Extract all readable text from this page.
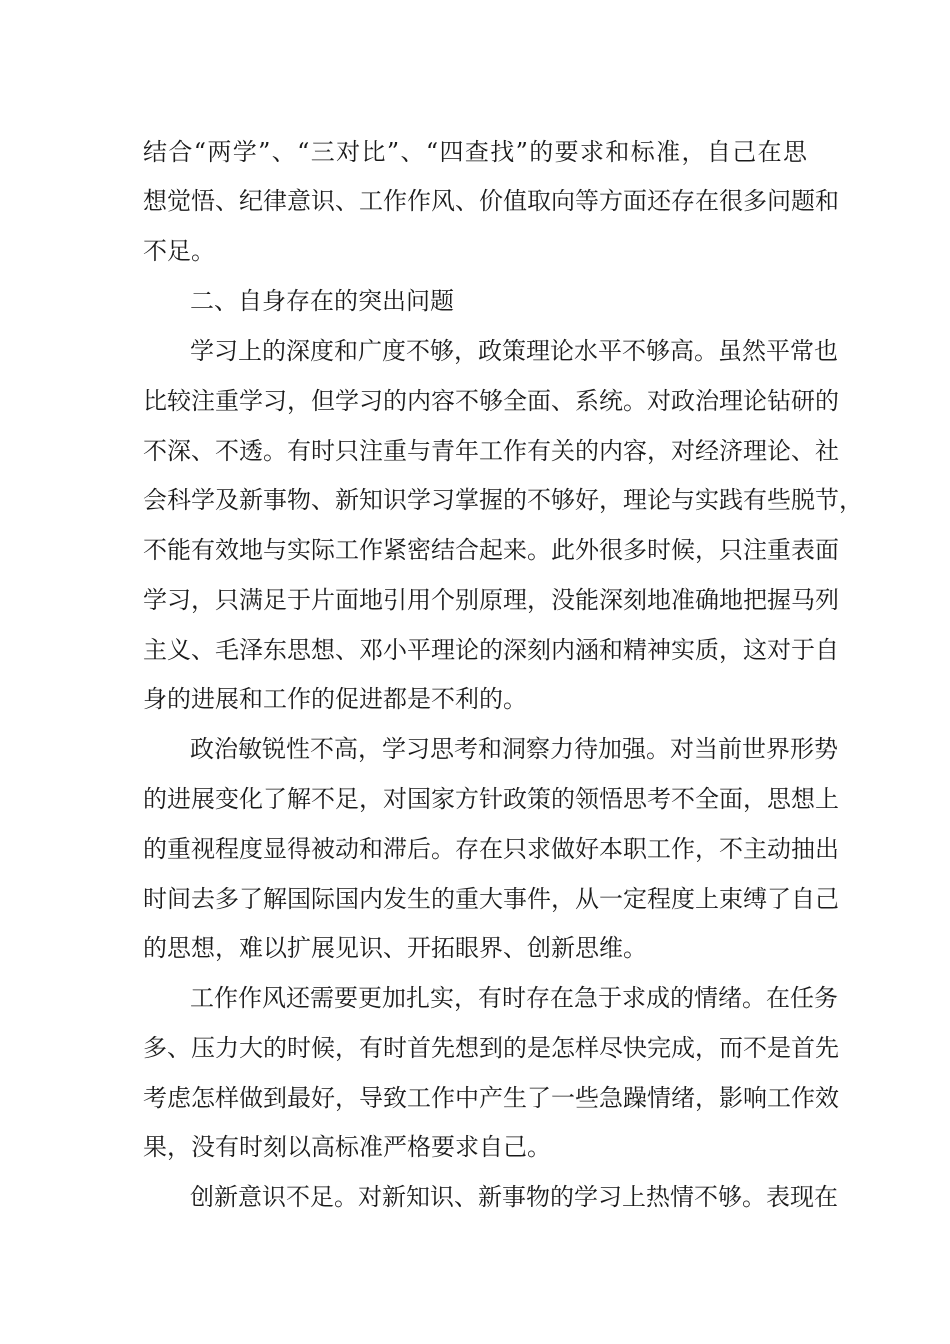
结合“两学”、“三对比”、“四查找”的要求和标准，自己在思

想觉悟、纪律意识、工作作风、价值取向等方面还存在很多问题和

不足。

二、自身存在的突出问题

学习上的深度和广度不够，政策理论水平不够高。虽然平常也

比较注重学习，但学习的内容不够全面、系统。对政治理论钻研的

不深、不透。有时只注重与青年工作有关的内容，对经济理论、社

会科学及新事物、新知识学习掌握的不够好，理论与实践有些脱节，

不能有效地与实际工作紧密结合起来。此外很多时候，只注重表面

学习，只满足于片面地引用个别原理，没能深刻地准确地把握马列

主义、毛泽东思想、邓小平理论的深刻内涵和精神实质，这对于自

身的进展和工作的促进都是不利的。

政治敏锐性不高，学习思考和洞察力待加强。对当前世界形势

的进展变化了解不足，对国家方针政策的领悟思考不全面，思想上

的重视程度显得被动和滞后。存在只求做好本职工作，不主动抽出

时间去多了解国际国内发生的重大事件，从一定程度上束缚了自己

的思想，难以扩展见识、开拓眼界、创新思维。

工作作风还需要更加扎实，有时存在急于求成的情绪。在任务

多、压力大的时候，有时首先想到的是怎样尽快完成，而不是首先

考虑怎样做到最好，导致工作中产生了一些急躁情绪，影响工作效

果，没有时刻以高标准严格要求自己。

创新意识不足。对新知识、新事物的学习上热情不够。表现在
